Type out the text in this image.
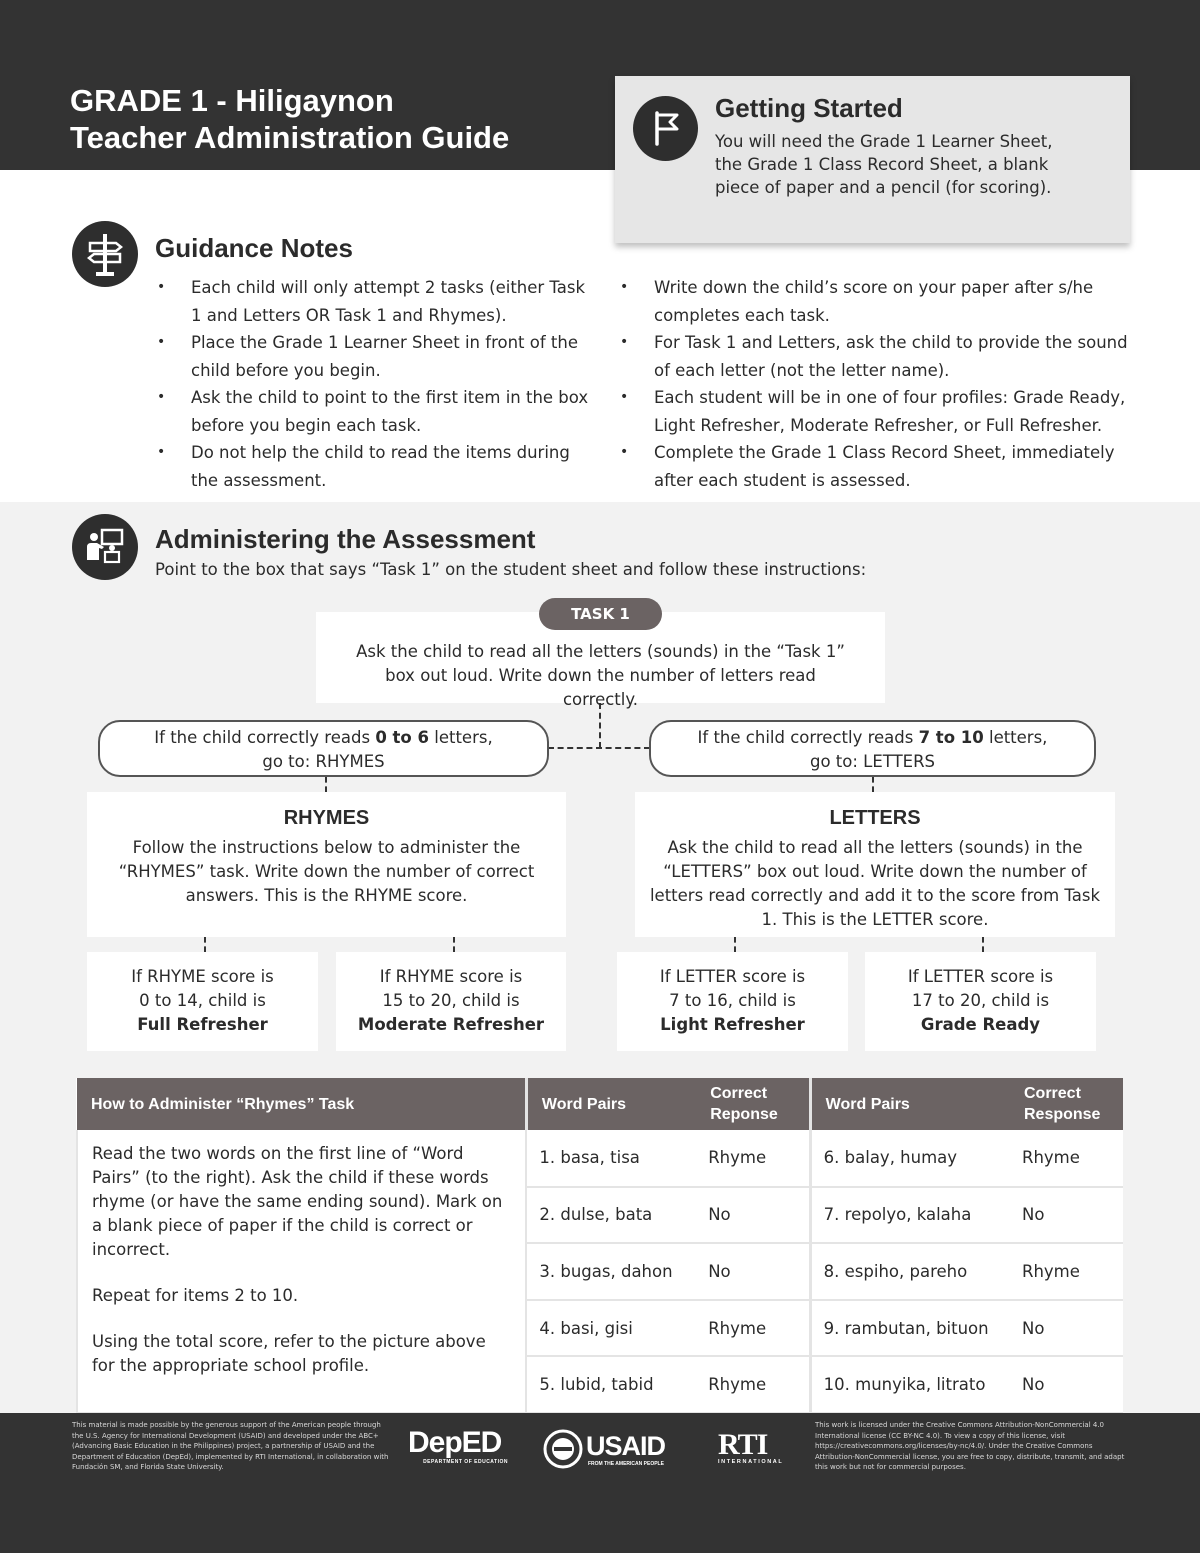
GRADE 1 - Hiligaynon
Teacher Administration Guide
Getting Started
You will need the Grade 1 Learner Sheet, the Grade 1 Class Record Sheet, a blank piece of paper and a pencil (for scoring).
Guidance Notes
• Each child will only attempt 2 tasks (either Task 1 and Letters OR Task 1 and Rhymes).
• Place the Grade 1 Learner Sheet in front of the child before you begin.
• Ask the child to point to the first item in the box before you begin each task.
• Do not help the child to read the items during the assessment.
• Write down the child’s score on your paper after s/he completes each task.
• For Task 1 and Letters, ask the child to provide the sound of each letter (not the letter name).
• Each student will be in one of four profiles: Grade Ready, Light Refresher, Moderate Refresher, or Full Refresher.
• Complete the Grade 1 Class Record Sheet, immediately after each student is assessed.
Administering the Assessment
Point to the box that says “Task 1” on the student sheet and follow these instructions:
TASK 1
Ask the child to read all the letters (sounds) in the “Task 1” box out loud. Write down the number of letters read correctly.
If the child correctly reads 0 to 6 letters,
go to: RHYMES
If the child correctly reads 7 to 10 letters,
go to: LETTERS
RHYMES
Follow the instructions below to administer the “RHYMES” task. Write down the number of correct answers. This is the RHYME score.
LETTERS
Ask the child to read all the letters (sounds) in the “LETTERS” box out loud. Write down the number of letters read correctly and add it to the score from Task 1. This is the LETTER score.
If RHYME score is
0 to 14, child is
Full Refresher
If RHYME score is
15 to 20, child is
Moderate Refresher
If LETTER score is
7 to 16, child is
Light Refresher
If LETTER score is
17 to 20, child is
Grade Ready
How to Administer “Rhymes” Task	Word Pairs	Correct Reponse	Word Pairs	Correct Response

Read the two words on the first line of “Word Pairs” (to the right). Ask the child if these words rhyme (or have the same ending sound). Mark on a blank piece of paper if the child is correct or incorrect.

Repeat for items 2 to 10.

Using the total score, refer to the picture above for the appropriate school profile.	1. basa, tisa	Rhyme	6. balay, humay	Rhyme
	2. dulse, bata	No	7. repolyo, kalaha	No
	3. bugas, dahon	No	8. espiho, pareho	Rhyme
	4. basi, gisi	Rhyme	9. rambutan, bituon	No
	5. lubid, tabid	Rhyme	10. munyika, litrato	No
This material is made possible by the generous support of the American people through the U.S. Agency for International Development (USAID) and developed under the ABC+ (Advancing Basic Education in the Philippines) project, a partnership of USAID and the Department of Education (DepEd), implemented by RTI International, in collaboration with Fundación SM, and Florida State University.
DepED
DEPARTMENT OF EDUCATION
USAID
FROM THE AMERICAN PEOPLE
RTI
INTERNATIONAL
This work is licensed under the Creative Commons Attribution-NonCommercial 4.0 International license (CC BY-NC 4.0). To view a copy of this license, visit https://creativecommons.org/licenses/by-nc/4.0/. Under the Creative Commons Attribution-NonCommercial license, you are free to copy, distribute, transmit, and adapt this work but not for commercial purposes.
